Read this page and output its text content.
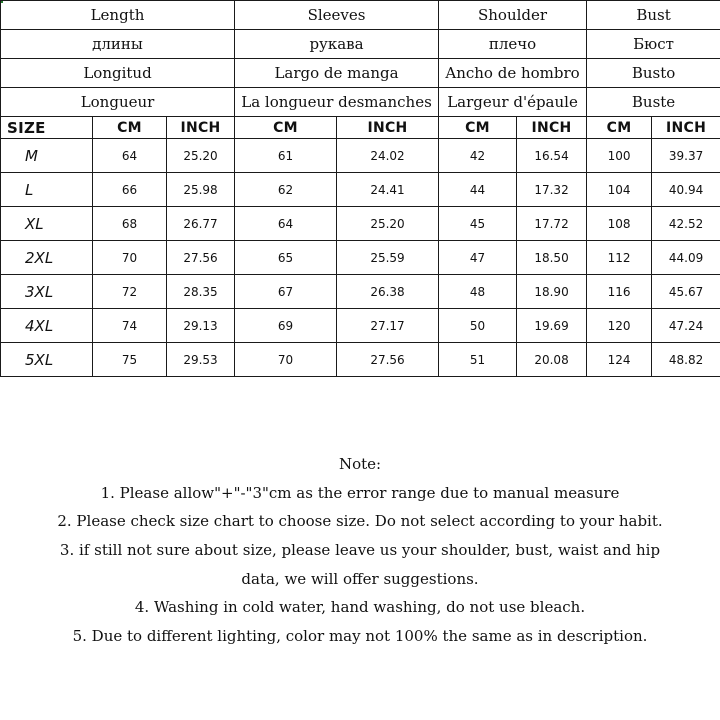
Length			Sleeves		Shoulder		Bust	
длины			рукава		плечо		Бюст	
Longitud			Largo de manga		Ancho de hombro		Busto	
Longueur			La longueur desmanches		Largeur d'épaule		Buste	
SIZE	CM	INCH	CM	INCH	CM	INCH	CM	INCH
M	64	25.20	61	24.02	42	16.54	100	39.37
L	66	25.98	62	24.41	44	17.32	104	40.94
XL	68	26.77	64	25.20	45	17.72	108	42.52
2XL	70	27.56	65	25.59	47	18.50	112	44.09
3XL	72	28.35	67	26.38	48	18.90	116	45.67
4XL	74	29.13	69	27.17	50	19.69	120	47.24
5XL	75	29.53	70	27.56	51	20.08	124	48.82
Note:
1. Please allow"+"-"3"cm as the error range due to manual measure
2. Please check size chart to choose size. Do not select according to your habit.
3. if still not sure about size, please leave us your shoulder, bust, waist and hip
data, we will offer suggestions.
4. Washing in cold water, hand washing, do not use bleach.
5. Due to different lighting, color may not 100% the same as in description.
